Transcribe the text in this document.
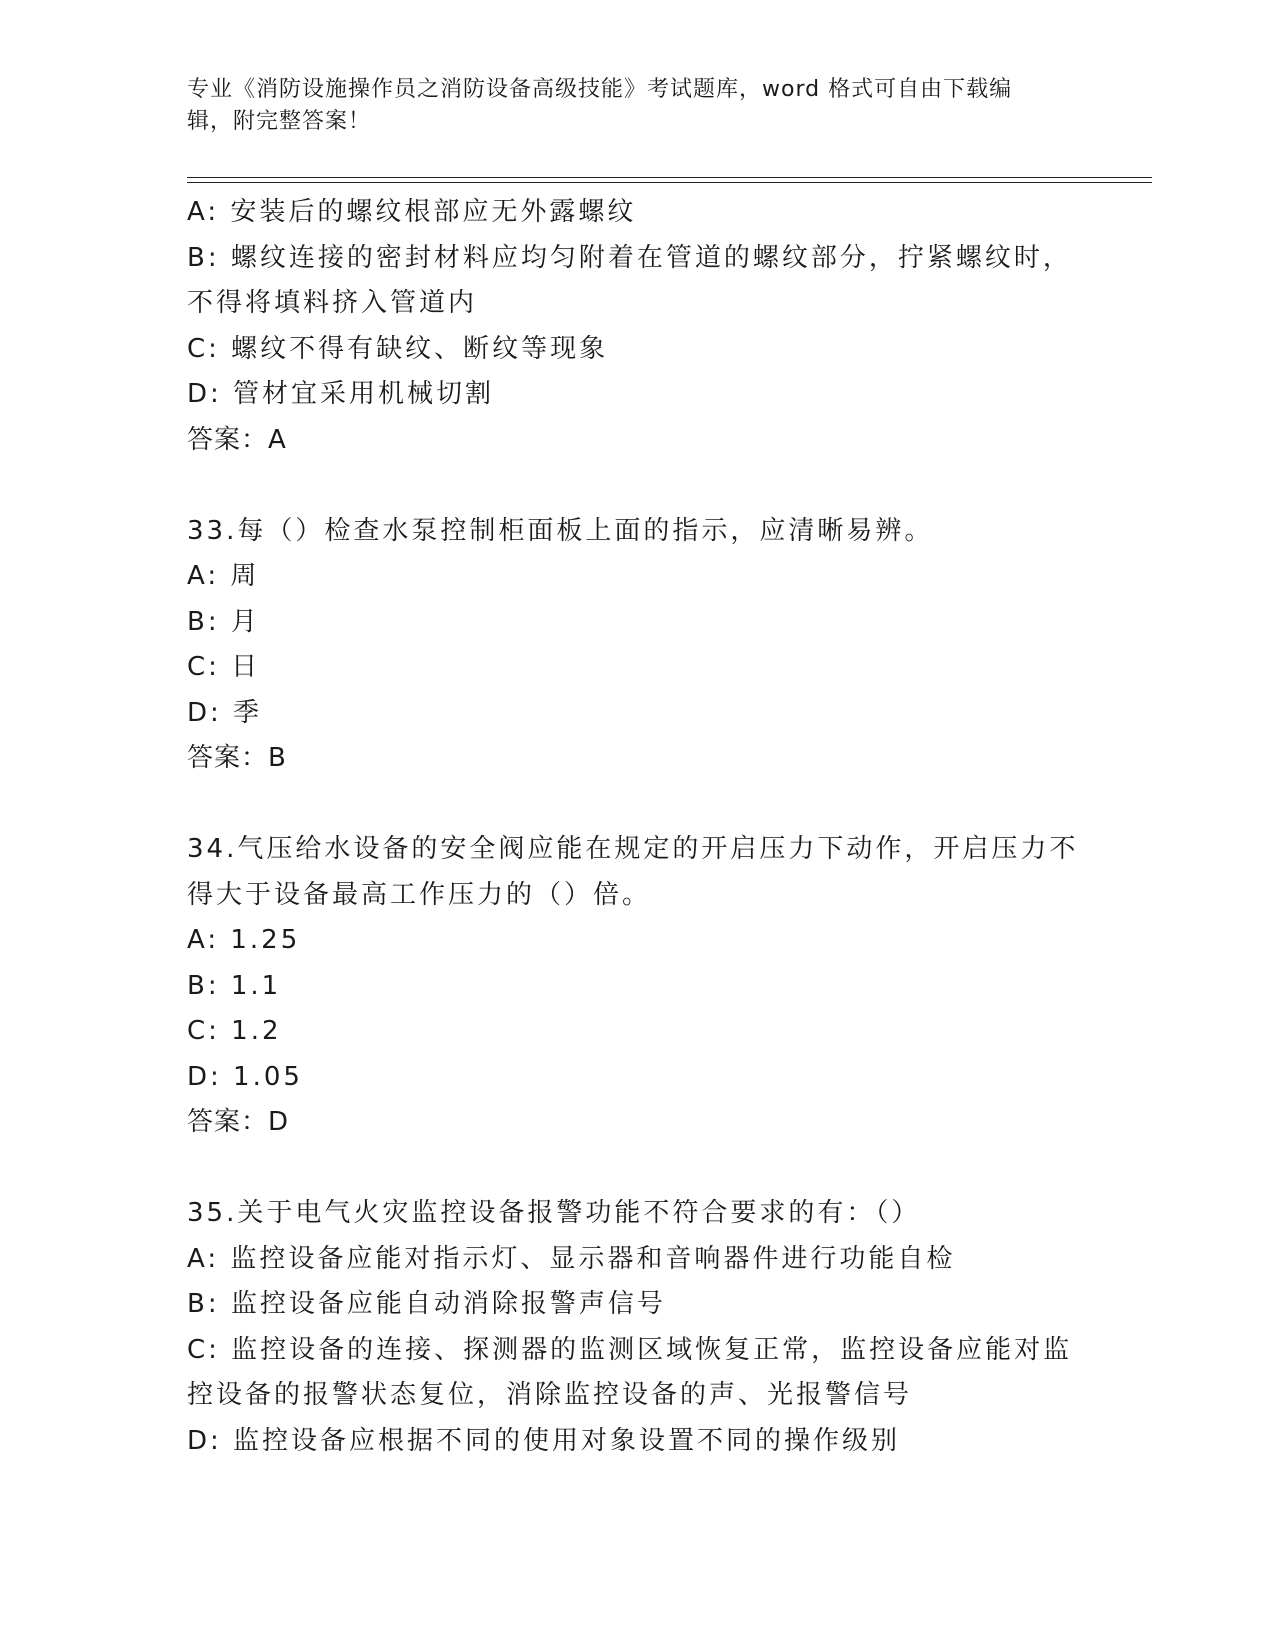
专业《消防设施操作员之消防设备高级技能》考试题库，word 格式可自由下载编
辑，附完整答案！
A: 安装后的螺纹根部应无外露螺纹
B: 螺纹连接的密封材料应均匀附着在管道的螺纹部分，拧紧螺纹时，
不得将填料挤入管道内
C: 螺纹不得有缺纹、断纹等现象
D: 管材宜采用机械切割
答案：A
33.每（）检查水泵控制柜面板上面的指示，应清晰易辨。
A: 周
B: 月
C: 日
D: 季
答案：B
34.气压给水设备的安全阀应能在规定的开启压力下动作，开启压力不
得大于设备最高工作压力的（）倍。
A: 1.25
B: 1.1
C: 1.2
D: 1.05
答案：D
35.关于电气火灾监控设备报警功能不符合要求的有：（）
A: 监控设备应能对指示灯、显示器和音响器件进行功能自检
B: 监控设备应能自动消除报警声信号
C: 监控设备的连接、探测器的监测区域恢复正常，监控设备应能对监
控设备的报警状态复位，消除监控设备的声、光报警信号
D: 监控设备应根据不同的使用对象设置不同的操作级别
